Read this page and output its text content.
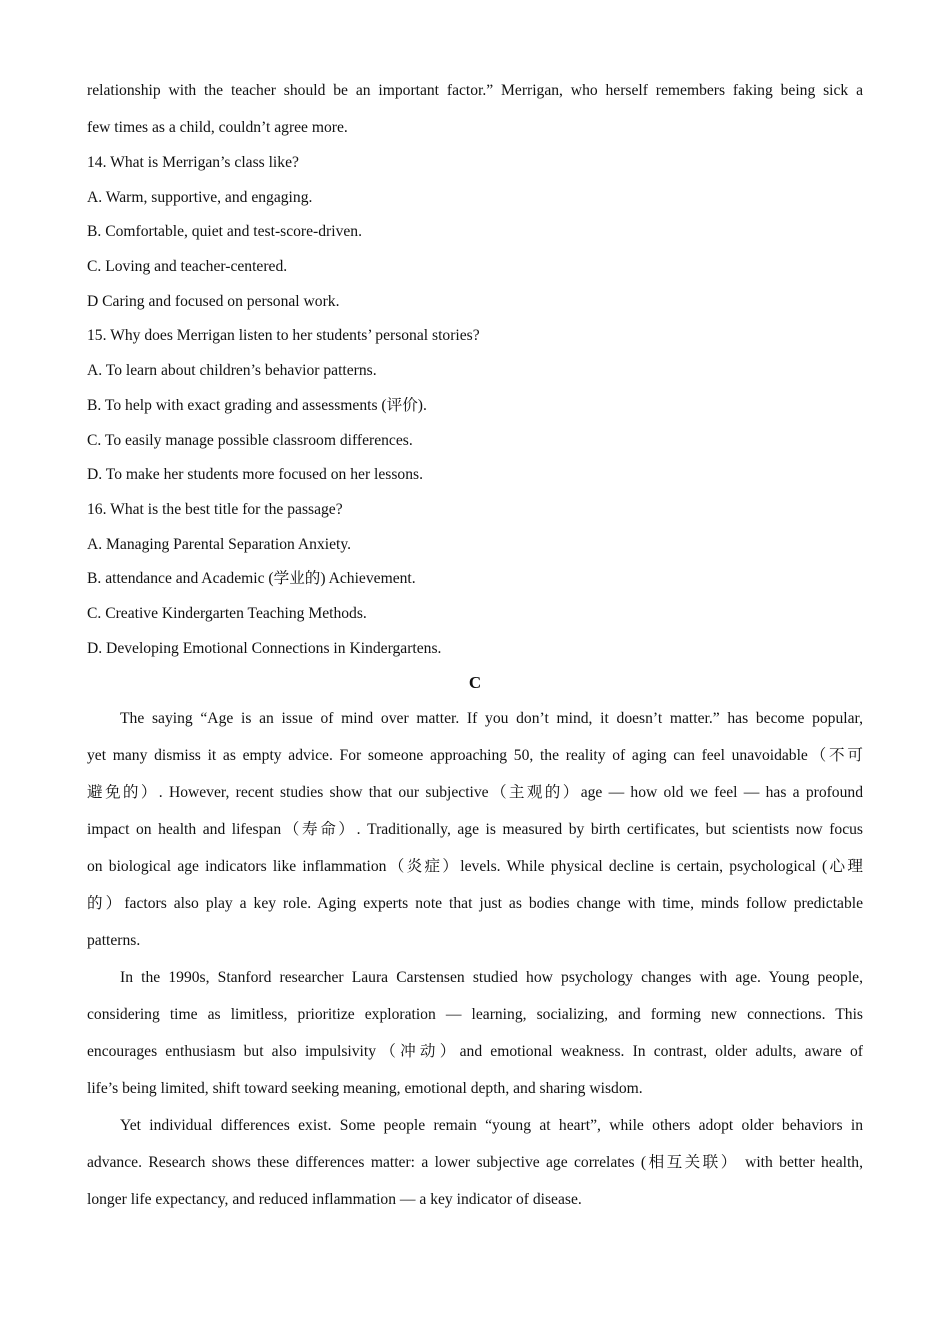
relationship with the teacher should be an important factor.” Merrigan, who herself remembers faking being sick a
few times as a child, couldn’t agree more.
14. What is Merrigan’s class like?
A. Warm, supportive, and engaging.
B. Comfortable, quiet and test-score-driven.
C. Loving and teacher-centered.
D Caring and focused on personal work.
15. Why does Merrigan listen to her students’ personal stories?
A. To learn about children’s behavior patterns.
B. To help with exact grading and assessments (评价).
C. To easily manage possible classroom differences.
D. To make her students more focused on her lessons.
16. What is the best title for the passage?
A. Managing Parental Separation Anxiety.
B. attendance and Academic (学业的) Achievement.
C. Creative Kindergarten Teaching Methods.
D. Developing Emotional Connections in Kindergartens.
C
The saying “Age is an issue of mind over matter. If you don’t mind, it doesn’t matter.” has become popular,
yet many dismiss it as empty advice. For someone approaching 50, the reality of aging can feel unavoidable（不可
避免的）. However, recent studies show that our subjective（主观的）age — how old we feel — has a profound
impact on health and lifespan（寿命）. Traditionally, age is measured by birth certificates, but scientists now focus
on biological age indicators like inflammation（炎症）levels. While physical decline is certain, psychological (心理
的）factors also play a key role. Aging experts note that just as bodies change with time, minds follow predictable
patterns.
In the 1990s, Stanford researcher Laura Carstensen studied how psychology changes with age. Young people,
considering time as limitless, prioritize exploration — learning, socializing, and forming new connections. This
encourages enthusiasm but also impulsivity（冲动）and emotional weakness. In contrast, older adults, aware of
life’s being limited, shift toward seeking meaning, emotional depth, and sharing wisdom.
Yet individual differences exist. Some people remain “young at heart”, while others adopt older behaviors in
advance. Research shows these differences matter: a lower subjective age correlates (相互关联） with better health,
longer life expectancy, and reduced inflammation — a key indicator of disease.
